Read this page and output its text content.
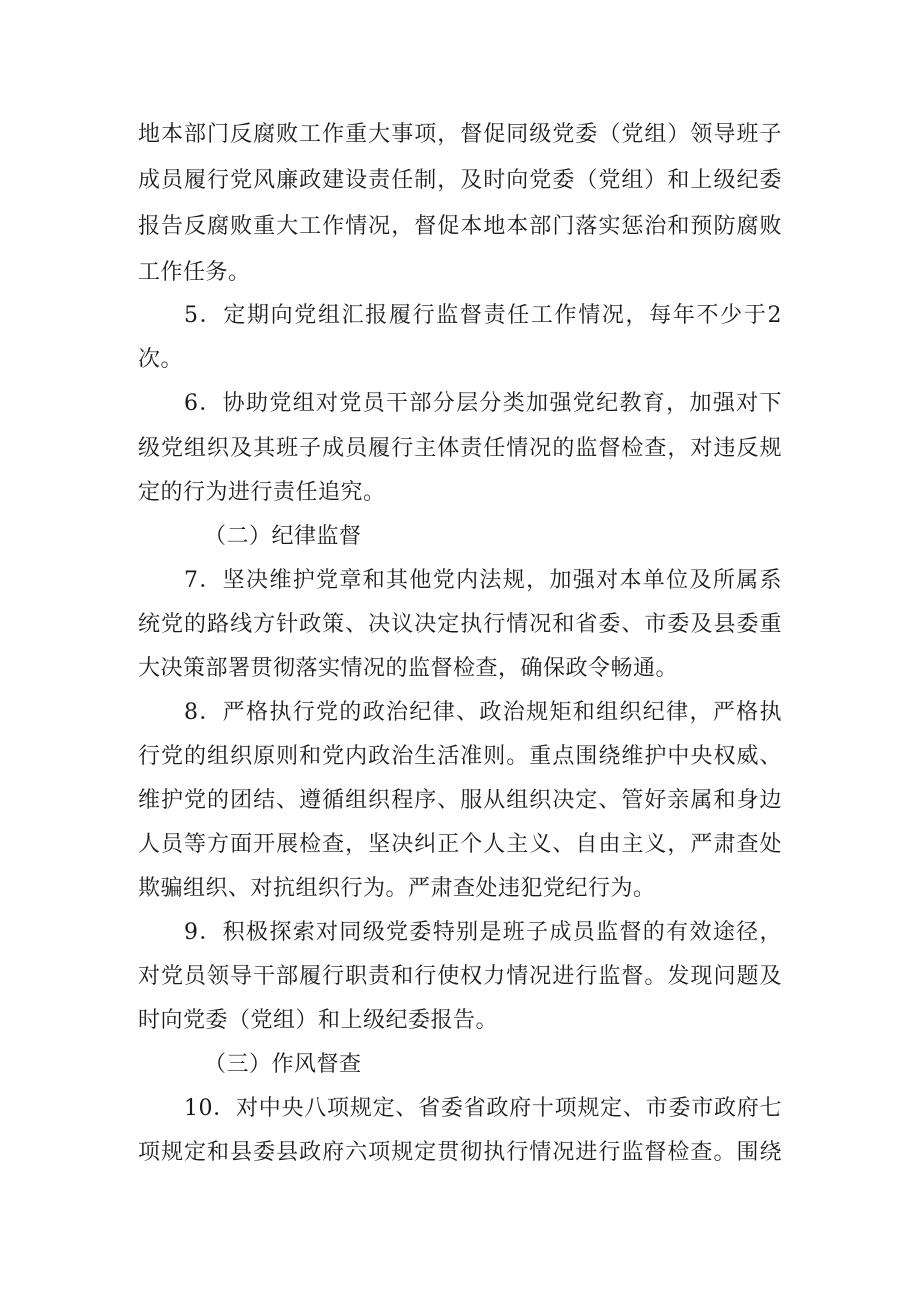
地本部门反腐败工作重大事项，督促同级党委（党组）领导班子
成员履行党风廉政建设责任制，及时向党委（党组）和上级纪委
报告反腐败重大工作情况，督促本地本部门落实惩治和预防腐败
工作任务。
5．定期向党组汇报履行监督责任工作情况，每年不少于2
次。
6．协助党组对党员干部分层分类加强党纪教育，加强对下
级党组织及其班子成员履行主体责任情况的监督检查，对违反规
定的行为进行责任追究。
（二）纪律监督
7．坚决维护党章和其他党内法规，加强对本单位及所属系
统党的路线方针政策、决议决定执行情况和省委、市委及县委重
大决策部署贯彻落实情况的监督检查，确保政令畅通。
8．严格执行党的政治纪律、政治规矩和组织纪律，严格执
行党的组织原则和党内政治生活准则。重点围绕维护中央权威、
维护党的团结、遵循组织程序、服从组织决定、管好亲属和身边
人员等方面开展检查，坚决纠正个人主义、自由主义，严肃查处
欺骗组织、对抗组织行为。严肃查处违犯党纪行为。
9．积极探索对同级党委特别是班子成员监督的有效途径，
对党员领导干部履行职责和行使权力情况进行监督。发现问题及
时向党委（党组）和上级纪委报告。
（三）作风督查
10．对中央八项规定、省委省政府十项规定、市委市政府七
项规定和县委县政府六项规定贯彻执行情况进行监督检查。围绕
